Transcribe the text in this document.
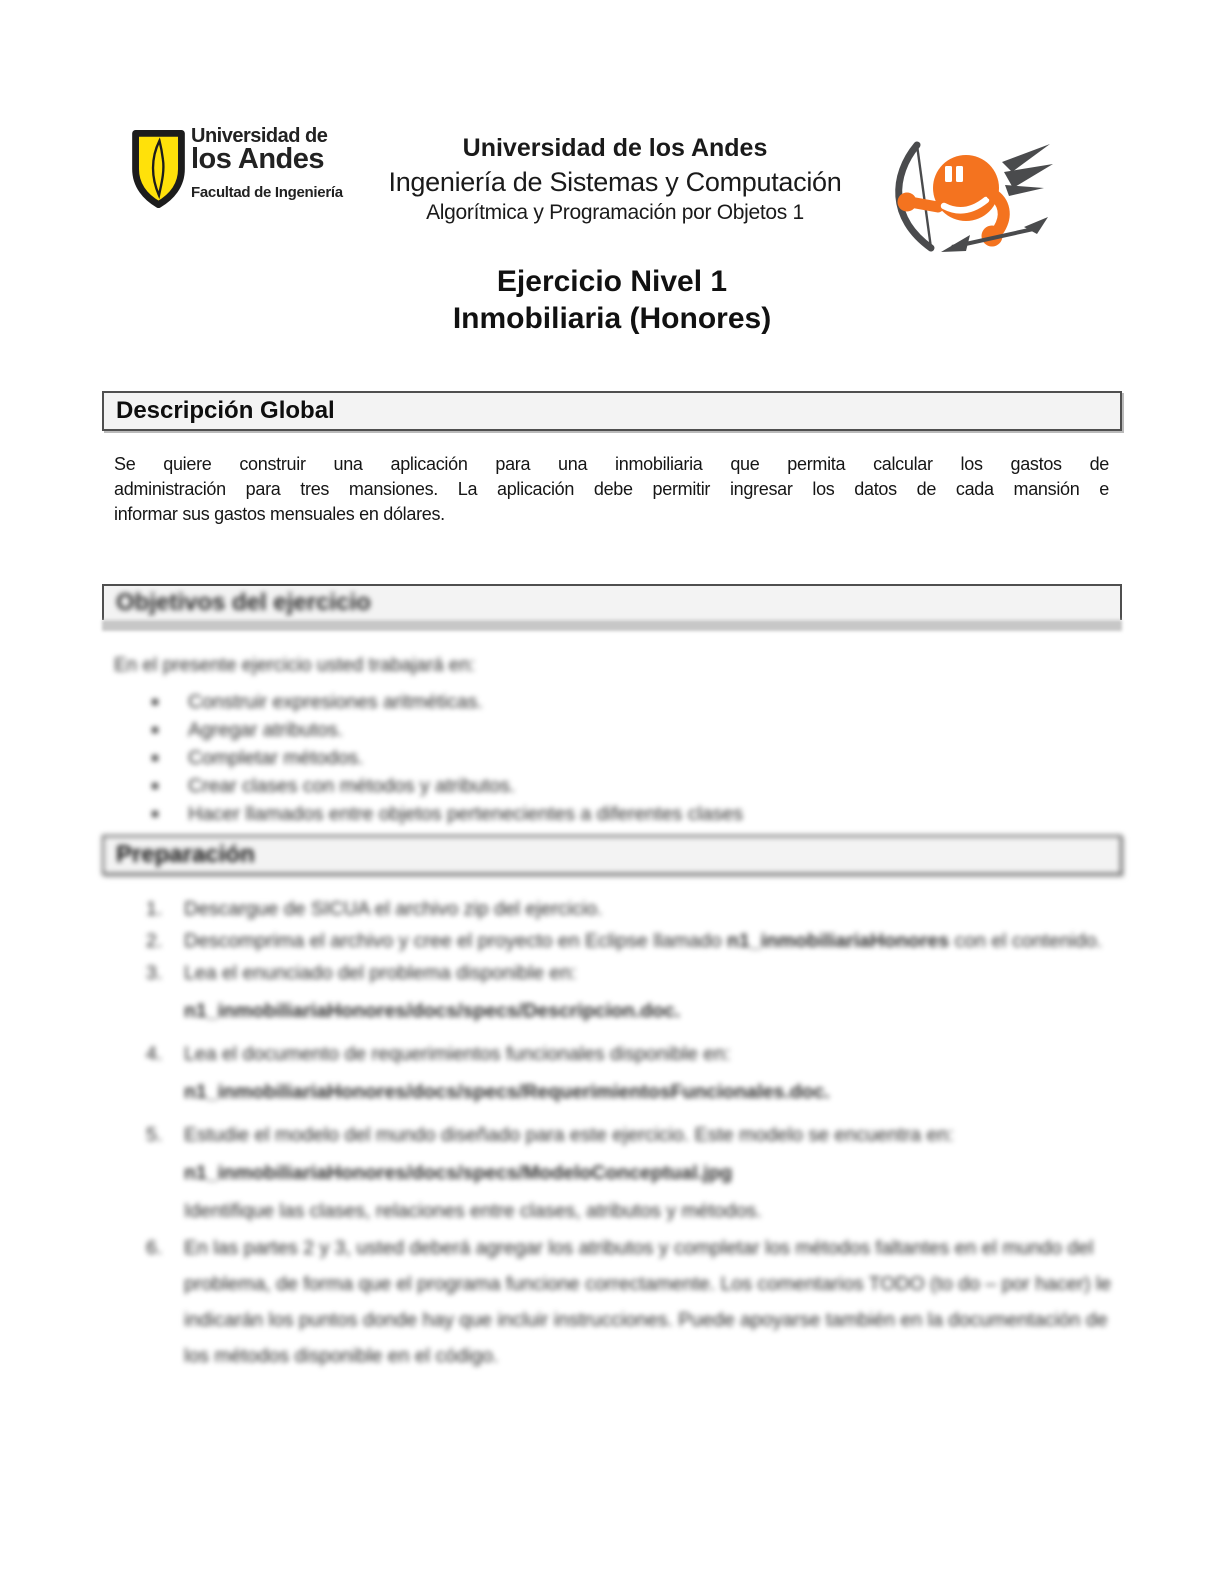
Universidad de
los Andes
Facultad de Ingeniería
Universidad de los Andes
Ingeniería de Sistemas y Computación
Algorítmica y Programación por Objetos 1
Ejercicio Nivel 1
Inmobiliaria (Honores)
Descripción Global
Se quiere construir una aplicación para una inmobiliaria que permita calcular los gastos de
administración para tres mansiones. La aplicación debe permitir ingresar los datos de cada mansión e
informar sus gastos mensuales en dólares.
Objetivos del ejercicio
En el presente ejercicio usted trabajará en:
Construir expresiones aritméticas.
Agregar atributos.
Completar métodos.
Crear clases con métodos y atributos.
Hacer llamados entre objetos pertenecientes a diferentes clases
Preparación
1.	Descargue de SICUA el archivo zip del ejercicio.
2.	Descomprima el archivo y cree el proyecto en Eclipse llamado n1_inmobiliariaHonores con el contenido.
3.	Lea el enunciado del problema disponible en:
n1_inmobiliariaHonores/docs/specs/Descripcion.doc.
4.	Lea el documento de requerimientos funcionales disponible en:
n1_inmobiliariaHonores/docs/specs/RequerimientosFuncionales.doc.
5.	Estudie el modelo del mundo diseñado para este ejercicio. Este modelo se encuentra en:
n1_inmobiliariaHonores/docs/specs/ModeloConceptual.jpg
Identifique las clases, relaciones entre clases, atributos y métodos.
6.	En las partes 2 y 3, usted deberá agregar los atributos y completar los métodos faltantes en el mundo del problema, de forma que el programa funcione correctamente. Los comentarios TODO (to do – por hacer) le indicarán los puntos donde hay que incluir instrucciones. Puede apoyarse también en la documentación de los métodos disponible en el código.
